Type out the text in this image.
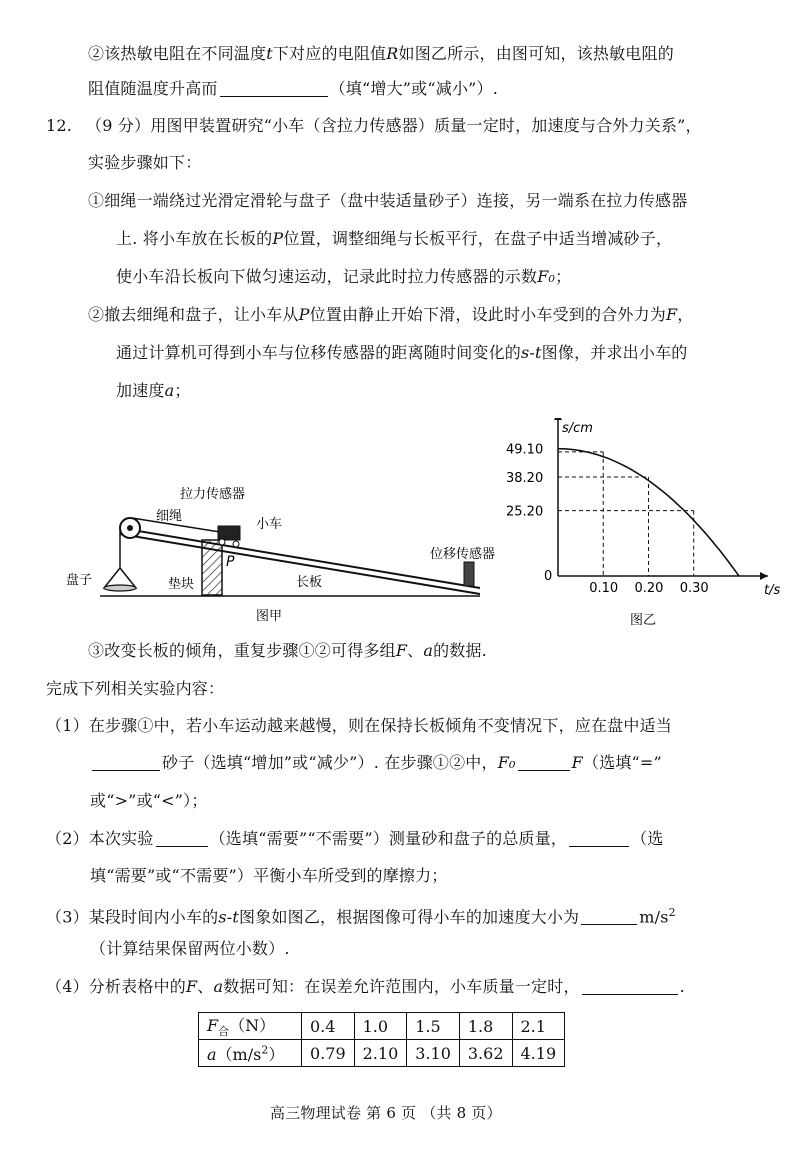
②该热敏电阻在不同温度t下对应的电阻值R如图乙所示，由图可知，该热敏电阻的
阻值随温度升高而	（填“增大”或“减小”）.
12. （9 分）用图甲装置研究“小车（含拉力传感器）质量一定时，加速度与合外力关系”，
实验步骤如下：
①细绳一端绕过光滑定滑轮与盘子（盘中装适量砂子）连接，另一端系在拉力传感器
上. 将小车放在长板的P位置，调整细绳与长板平行，在盘子中适当增减砂子，
使小车沿长板向下做匀速运动，记录此时拉力传感器的示数F₀；
②撤去细绳和盘子，让小车从P位置由静止开始下滑，设此时小车受到的合外力为F，
通过计算机可得到小车与位移传感器的距离随时间变化的s-t图像，并求出小车的
加速度a；
拉力传感器
细绳
小车
盘子	垫块
P
长板
位移传感器
图甲
0.10 0.20 0.30
25.20
38.20
49.10
0
t/s
s/cm
图乙
③改变长板的倾角，重复步骤①②可得多组F、a的数据.
完成下列相关实验内容：
（1）在步骤①中，若小车运动越来越慢，则在保持长板倾角不变情况下，应在盘中适当
砂子（选填“增加”或“减少”）. 在步骤①②中，F₀	F（选填“=”
或“>”或“<”）；
（2）本次实验	（选填“需要”“不需要”）测量砂和盘子的总质量，	（选
填“需要”或“不需要”）平衡小车所受到的摩擦力；
（3）某段时间内小车的s-t图象如图乙，根据图像可得小车的加速度大小为	$m/s^2$
（计算结果保留两位小数）.
（4）分析表格中的F、a数据可知：在误差允许范围内，小车质量一定时，	.
$F_合(N)$	0.4	1.0	1.5	1.8	2.1
$a(m/s^2)$	0.79	2.10	3.10	3.62	4.19
高三物理试卷 第 6 页 （共 8 页）
